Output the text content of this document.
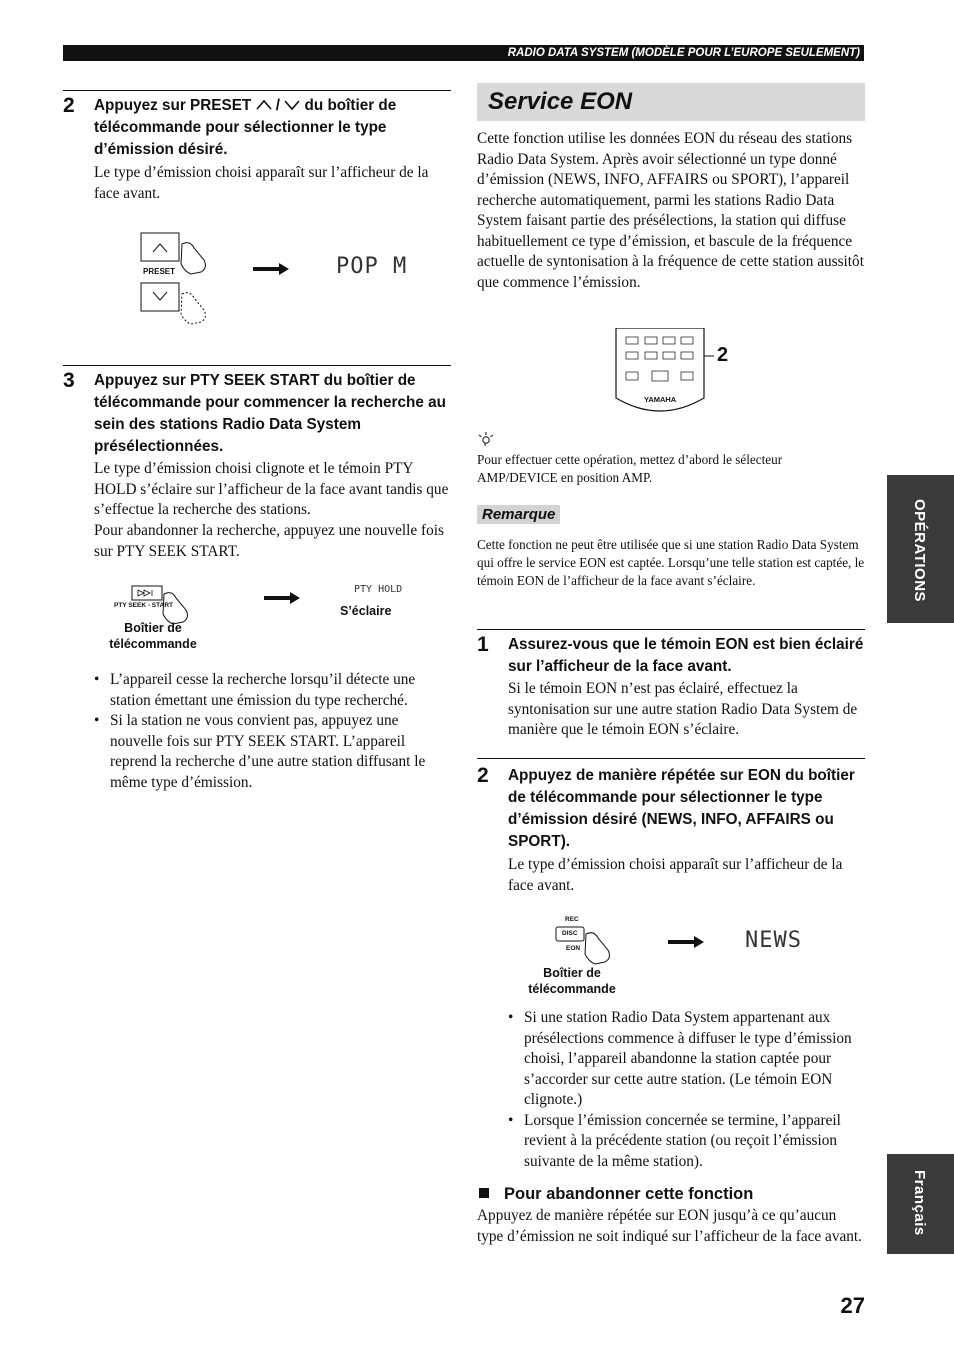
RADIO DATA SYSTEM (MODÈLE POUR L’EUROPE SEULEMENT)
2 Appuyez sur PRESET  /  du boîtier de télécommande pour sélectionner le type d’émission désiré.
Le type d’émission choisi apparaît sur l’afficheur de la face avant.
PRESET	POP M
3 Appuyez sur PTY SEEK START du boîtier de télécommande pour commencer la recherche au sein des stations Radio Data System présélectionnées.
Le type d’émission choisi clignote et le témoin PTY HOLD s’éclaire sur l’afficheur de la face avant tandis que s’effectue la recherche des stations.
Pour abandonner la recherche, appuyez une nouvelle fois sur PTY SEEK START.
PTY SEEK - START
Boîtier de télécommande
PTY HOLD
S’éclaire
• L’appareil cesse la recherche lorsqu’il détecte une station émettant une émission du type recherché.
• Si la station ne vous convient pas, appuyez une nouvelle fois sur PTY SEEK START. L’appareil reprend la recherche d’une autre station diffusant le même type d’émission.
Service EON
Cette fonction utilise les données EON du réseau des stations Radio Data System. Après avoir sélectionné un type donné d’émission (NEWS, INFO, AFFAIRS ou SPORT), l’appareil recherche automatiquement, parmi les stations Radio Data System faisant partie des présélections, la station qui diffuse habituellement ce type d’émission, et bascule de la fréquence actuelle de syntonisation à la fréquence de cette station aussitôt que commence l’émission.
2
YAMAHA
Pour effectuer cette opération, mettez d’abord le sélecteur AMP/DEVICE en position AMP.
Remarque
Cette fonction ne peut être utilisée que si une station Radio Data System qui offre le service EON est captée. Lorsqu’une telle station est captée, le témoin EON de l’afficheur de la face avant s’éclaire.
1 Assurez-vous que le témoin EON est bien éclairé sur l’afficheur de la face avant.
Si le témoin EON n’est pas éclairé, effectuez la syntonisation sur une autre station Radio Data System de manière que le témoin EON s’éclaire.
2 Appuyez de manière répétée sur EON du boîtier de télécommande pour sélectionner le type d’émission désiré (NEWS, INFO, AFFAIRS ou SPORT).
Le type d’émission choisi apparaît sur l’afficheur de la face avant.
REC
DISC
EON
Boîtier de télécommande
NEWS
• Si une station Radio Data System appartenant aux présélections commence à diffuser le type d’émission choisi, l’appareil abandonne la station captée pour s’accorder sur cette autre station. (Le témoin EON clignote.)
• Lorsque l’émission concernée se termine, l’appareil revient à la précédente station (ou reçoit l’émission suivante de la même station).
Pour abandonner cette fonction
Appuyez de manière répétée sur EON jusqu’à ce qu’aucun type d’émission ne soit indiqué sur l’afficheur de la face avant.
OPÉRATIONS
Français
27
